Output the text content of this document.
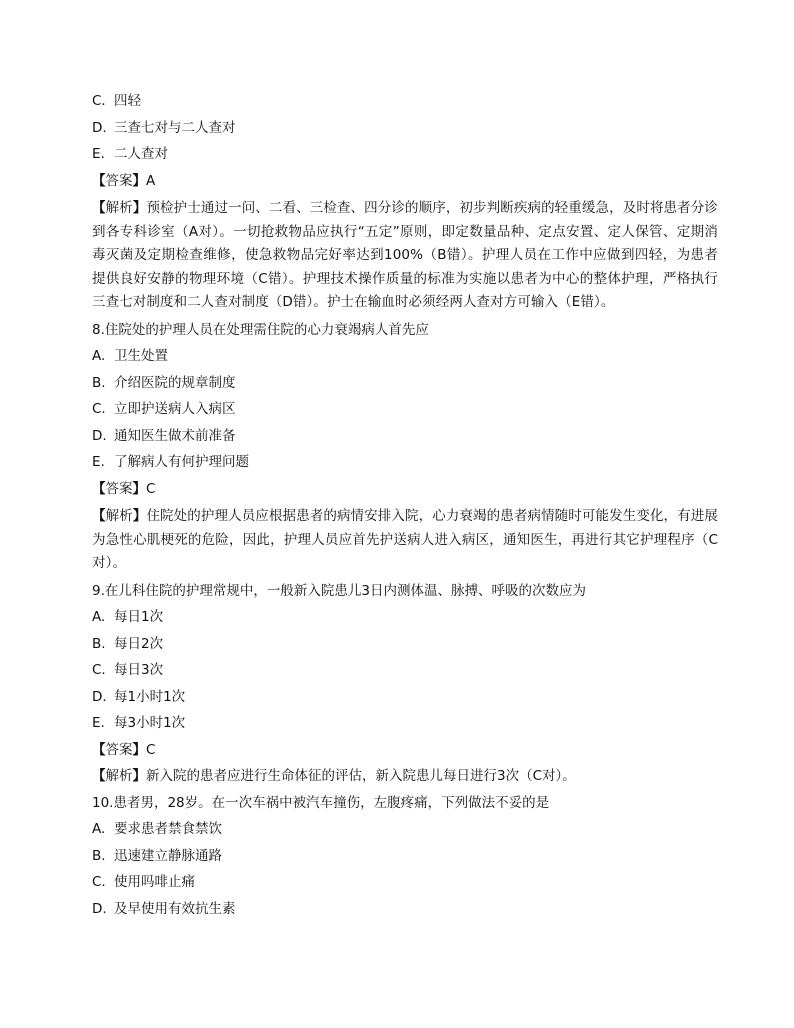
C. 四轻

D. 三查七对与二人查对

E. 二人查对

【答案】A

【解析】预检护士通过一问、二看、三检查、四分诊的顺序，初步判断疾病的轻重缓急，及时将患者分诊到各专科诊室（A对）。一切抢救物品应执行“五定”原则，即定数量品种、定点安置、定人保管、定期消毒灭菌及定期检查维修，使急救物品完好率达到100%（B错）。护理人员在工作中应做到四轻，为患者提供良好安静的物理环境（C错）。护理技术操作质量的标准为实施以患者为中心的整体护理，严格执行三查七对制度和二人查对制度（D错）。护士在输血时必须经两人查对方可输入（E错）。

8.住院处的护理人员在处理需住院的心力衰竭病人首先应

A. 卫生处置

B. 介绍医院的规章制度

C. 立即护送病人入病区

D. 通知医生做术前准备

E. 了解病人有何护理问题

【答案】C

【解析】住院处的护理人员应根据患者的病情安排入院，心力衰竭的患者病情随时可能发生变化，有进展为急性心肌梗死的危险，因此，护理人员应首先护送病人进入病区，通知医生，再进行其它护理程序（C对）。

9.在儿科住院的护理常规中，一般新入院患儿3日内测体温、脉搏、呼吸的次数应为

A. 每日1次

B. 每日2次

C. 每日3次

D. 每1小时1次

E. 每3小时1次

【答案】C

【解析】新入院的患者应进行生命体征的评估，新入院患儿每日进行3次（C对）。

10.患者男，28岁。在一次车祸中被汽车撞伤，左腹疼痛，下列做法不妥的是

A. 要求患者禁食禁饮

B. 迅速建立静脉通路

C. 使用吗啡止痛

D. 及早使用有效抗生素
